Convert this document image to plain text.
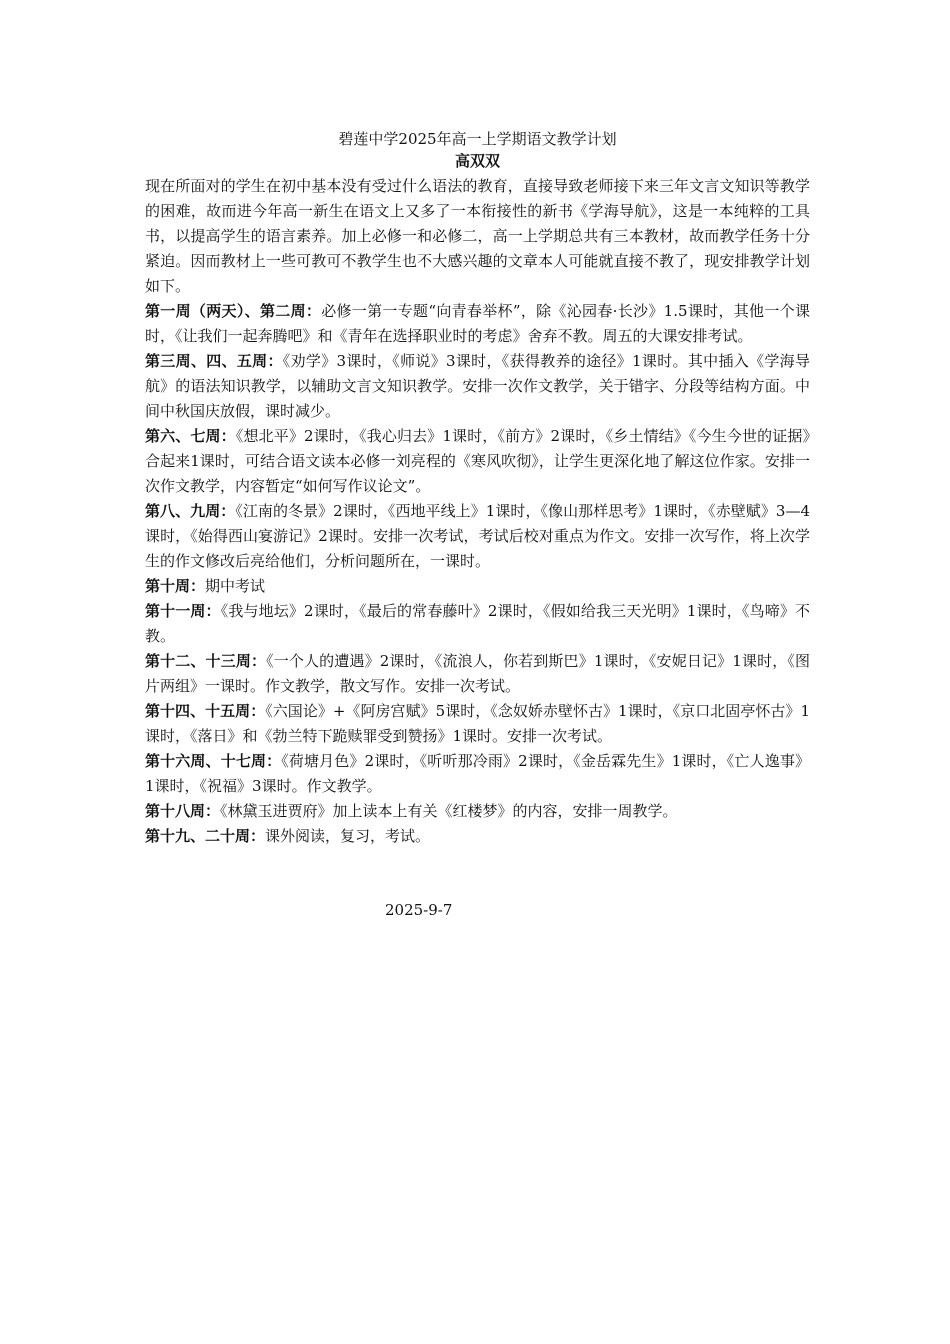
碧莲中学2025年高一上学期语文教学计划

高双双

现在所面对的学生在初中基本没有受过什么语法的教育，直接导致老师接下来三年文言文知识等教学的困难，故而进今年高一新生在语文上又多了一本衔接性的新书《学海导航》，这是一本纯粹的工具书，以提高学生的语言素养。加上必修一和必修二，高一上学期总共有三本教材，故而教学任务十分紧迫。因而教材上一些可教可不教学生也不大感兴趣的文章本人可能就直接不教了，现安排教学计划如下。

第一周（两天）、第二周：必修一第一专题“向青春举杯”，除《沁园春·长沙》1.5课时，其他一个课时，《让我们一起奔腾吧》和《青年在选择职业时的考虑》舍弃不教。周五的大课安排考试。

第三周、四、五周：《劝学》3课时，《师说》3课时，《获得教养的途径》1课时。其中插入《学海导航》的语法知识教学，以辅助文言文知识教学。安排一次作文教学，关于错字、分段等结构方面。中间中秋国庆放假，课时减少。

第六、七周：《想北平》2课时，《我心归去》1课时，《前方》2课时，《乡土情结》《今生今世的证据》合起来1课时，可结合语文读本必修一刘亮程的《寒风吹彻》，让学生更深化地了解这位作家。安排一次作文教学，内容暂定“如何写作议论文”。

第八、九周：《江南的冬景》2课时，《西地平线上》1课时，《像山那样思考》1课时，《赤壁赋》3—4课时，《始得西山宴游记》2课时。安排一次考试，考试后校对重点为作文。安排一次写作，将上次学生的作文修改后亮给他们，分析问题所在，一课时。

第十周：期中考试

第十一周：《我与地坛》2课时，《最后的常春藤叶》2课时，《假如给我三天光明》1课时，《鸟啼》不教。

第十二、十三周：《一个人的遭遇》2课时，《流浪人，你若到斯巴》1课时，《安妮日记》1课时，《图片两组》一课时。作文教学，散文写作。安排一次考试。

第十四、十五周：《六国论》+《阿房宫赋》5课时，《念奴娇赤壁怀古》1课时，《京口北固亭怀古》1课时，《落日》和《勃兰特下跪赎罪受到赞扬》1课时。安排一次考试。

第十六周、十七周：《荷塘月色》2课时，《听听那冷雨》2课时，《金岳霖先生》1课时，《亡人逸事》1课时，《祝福》3课时。作文教学。

第十八周：《林黛玉进贾府》加上读本上有关《红楼梦》的内容，安排一周教学。

第十九、二十周：课外阅读，复习，考试。

2025-9-7
